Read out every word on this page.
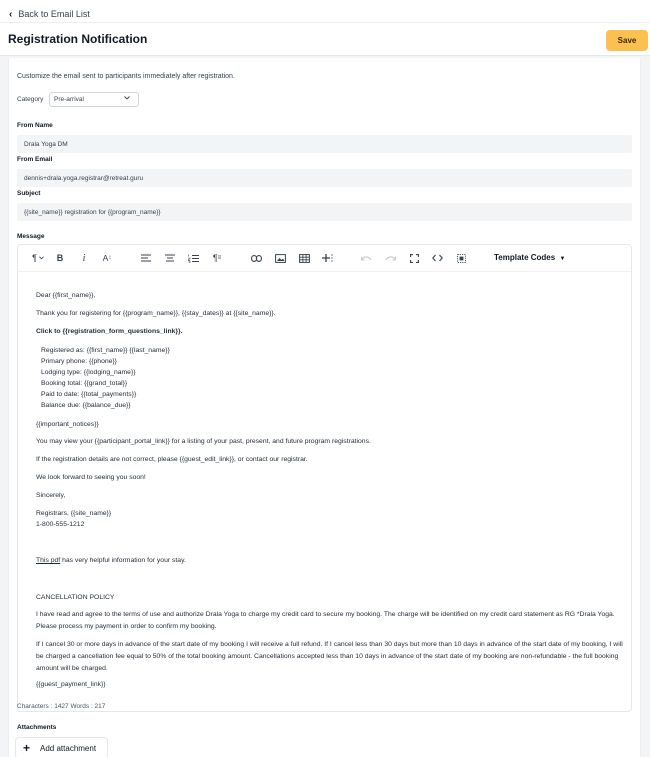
‹ Back to Email List
Registration Notification	Save
Customize the email sent to participants immediately after registration.
Category Pre-arrival
From Name
Drala Yoga DM
From Email
dennis+drala.yoga.registrar@retreat.guru
Subject
{{site_name}} registration for {{program_name}}
Message
¶	B	i	A ↕	¶ ≡	Template Codes ▼
Dear {{first_name}},
Thank you for registering for {{program_name}}, {{stay_dates}} at {{site_name}}.
Click to {{registration_form_questions_link}}.
Registered as: {{first_name}} {{last_name}}
Primary phone: {{phone}}
Lodging type: {{lodging_name}}
Booking total: {{grand_total}}
Paid to date: {{total_payments}}
Balance due: {{balance_due}}
{{important_notices}}
You may view your {{participant_portal_link}} for a listing of your past, present, and future program registrations.
If the registration details are not correct, please {{guest_edit_link}}, or contact our registrar.
We look forward to seeing you soon!
Sincerely,
Registrars, {{site_name}}
1-800-555-1212
This pdf has very helpful information for your stay.
CANCELLATION POLICY
I have read and agree to the terms of use and authorize Drala Yoga to charge my credit card to secure my booking. The charge will be identified on my credit card statement as RG *Drala Yoga. Please process my payment in order to confirm my booking.
If I cancel 30 or more days in advance of the start date of my booking I will receive a full refund. If I cancel less than 30 days but more than 10 days in advance of the start date of my booking, I will be charged a cancellation fee equal to 50% of the total booking amount. Cancellations accepted less than 10 days in advance of the start date of my booking are non-refundable - the full booking amount will be charged.
{{guest_payment_link}}
Characters : 1427 Words : 217
Attachments
+ Add attachment
